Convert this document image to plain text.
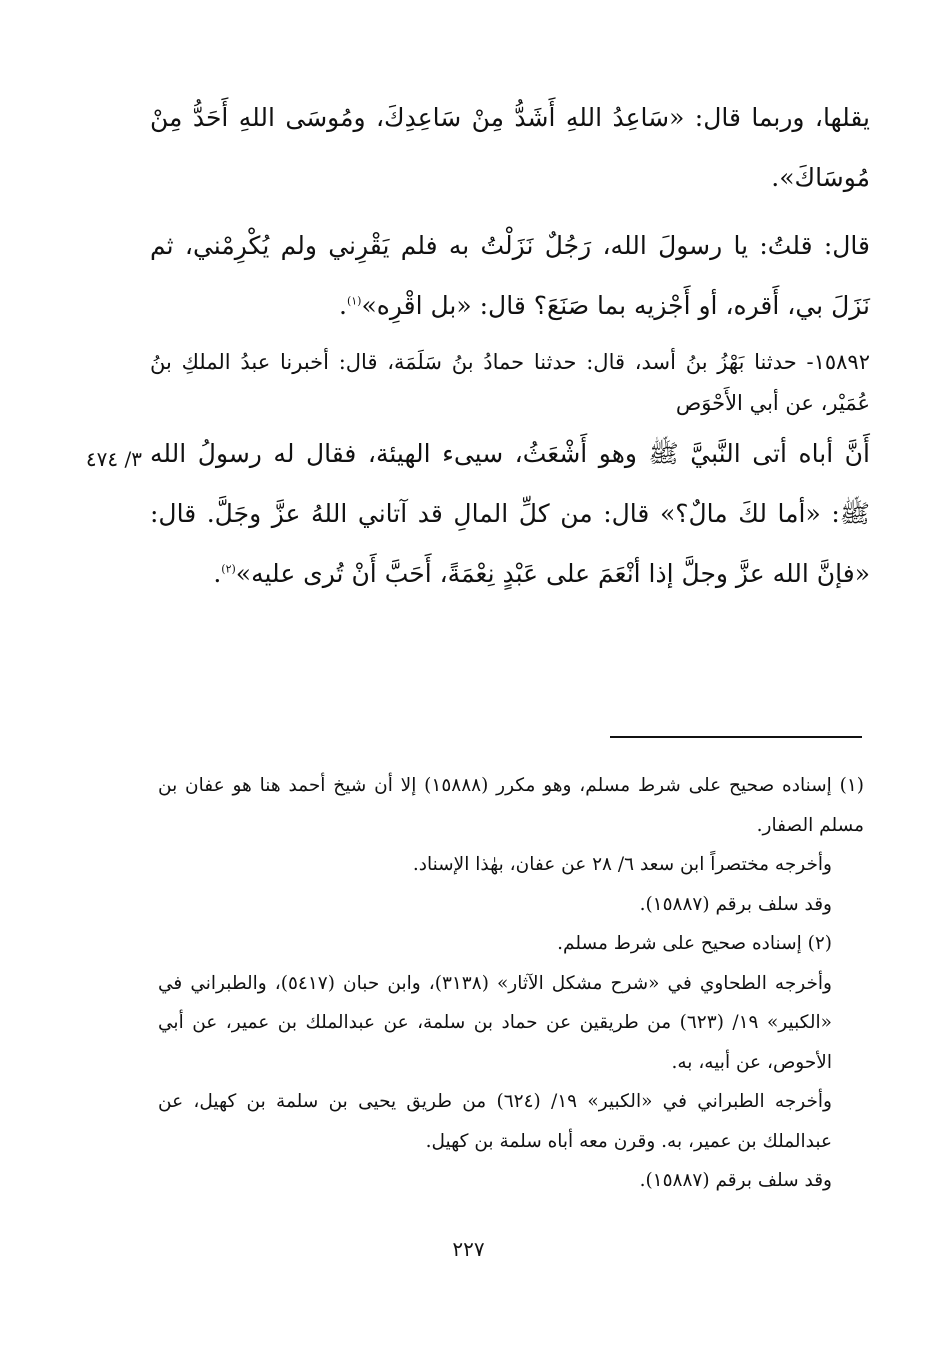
يقلها، وربما قال: «سَاعِدُ اللهِ أَشَدُّ مِنْ سَاعِدِكَ، ومُوسَى اللهِ أَحَدُّ مِنْ مُوسَاكَ».

قال: قلتُ: يا رسولَ الله، رَجُلٌ نَزَلْتُ به فلم يَقْرِني ولم يُكْرِمْني، ثم نَزَلَ بي، أَقره، أو أَجْزيه بما صَنَعَ؟ قال: «بل اقْرِه»$^{(١)}$.

١٥٨٩٢- حدثنا بَهْزُ بنُ أسد، قال: حدثنا حمادُ بنُ سَلَمَة، قال: أخبرنا عبدُ الملكِ بنُ عُمَيْر، عن أبي الأَحْوَص

أَنَّ أباه أتى النَّبيَّ ﷺ وهو أَشْعَثُ، سيىء الهيئة، فقال له رسولُ الله ﷺ: «أما لكَ مالٌ؟» قال: من كلِّ المالِ قد آتاني اللهُ عزَّ وجَلَّ. قال: «فإنَّ الله عزَّ وجلَّ إذا أنْعَمَ على عَبْدٍ نِعْمَةً، أَحَبَّ أَنْ تُرى عليه»$^{(٢)}$.

٣/ ٤٧٤

(١) إسناده صحيح على شرط مسلم، وهو مكرر (١٥٨٨٨) إلا أن شيخ أحمد هنا هو عفان بن مسلم الصفار.

وأخرجه مختصراً ابن سعد ٦/ ٢٨ عن عفان، بهٰذا الإسناد.

وقد سلف برقم (١٥٨٨٧).

(٢) إسناده صحيح على شرط مسلم.

وأخرجه الطحاوي في «شرح مشكل الآثار» (٣١٣٨)، وابن حبان (٥٤١٧)، والطبراني في «الكبير» ١٩/ (٦٢٣) من طريقين عن حماد بن سلمة، عن عبدالملك بن عمير، عن أبي الأحوص، عن أبيه، به.

وأخرجه الطبراني في «الكبير» ١٩/ (٦٢٤) من طريق يحيى بن سلمة بن كهيل، عن عبدالملك بن عمير، به. وقرن معه أباه سلمة بن كهيل.

وقد سلف برقم (١٥٨٨٧).

٢٢٧
